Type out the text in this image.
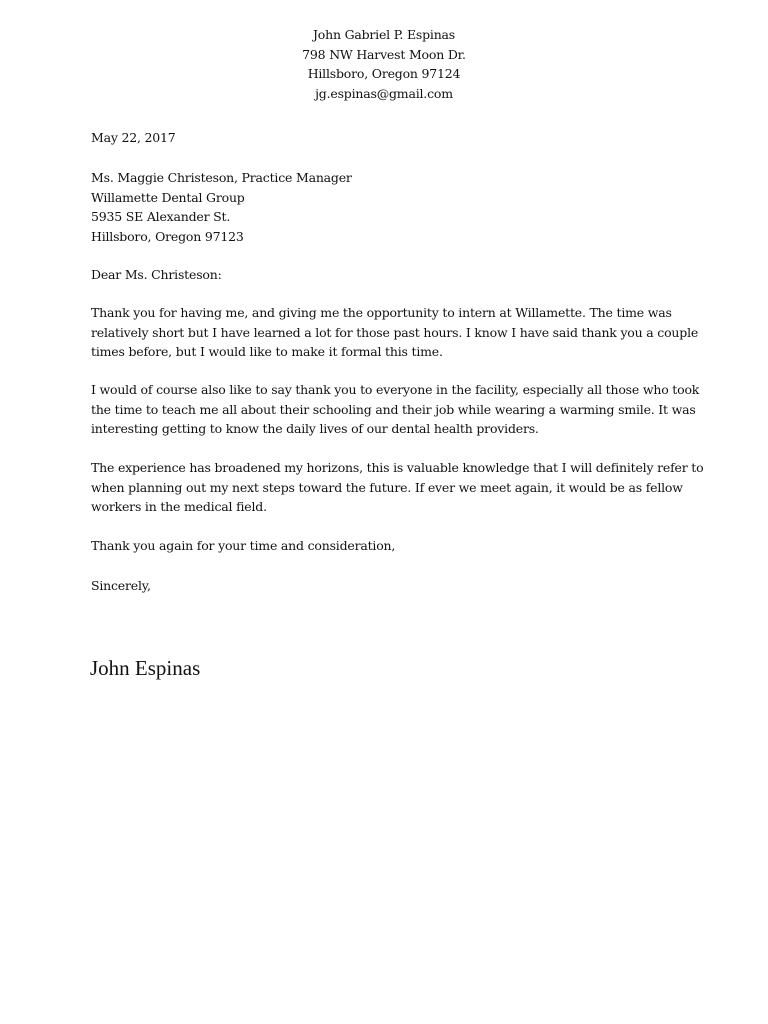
John Gabriel P. Espinas
798 NW Harvest Moon Dr.
Hillsboro, Oregon 97124
jg.espinas@gmail.com
May 22, 2017
Ms. Maggie Christeson, Practice Manager
Willamette Dental Group
5935 SE Alexander St.
Hillsboro, Oregon 97123
Dear Ms. Christeson:
Thank you for having me, and giving me the opportunity to intern at Willamette. The time was
relatively short but I have learned a lot for those past hours. I know I have said thank you a couple
times before, but I would like to make it formal this time.
I would of course also like to say thank you to everyone in the facility, especially all those who took
the time to teach me all about their schooling and their job while wearing a warming smile. It was
interesting getting to know the daily lives of our dental health providers.
The experience has broadened my horizons, this is valuable knowledge that I will definitely refer to
when planning out my next steps toward the future. If ever we meet again, it would be as fellow
workers in the medical field.
Thank you again for your time and consideration,
Sincerely,
John Espinas
